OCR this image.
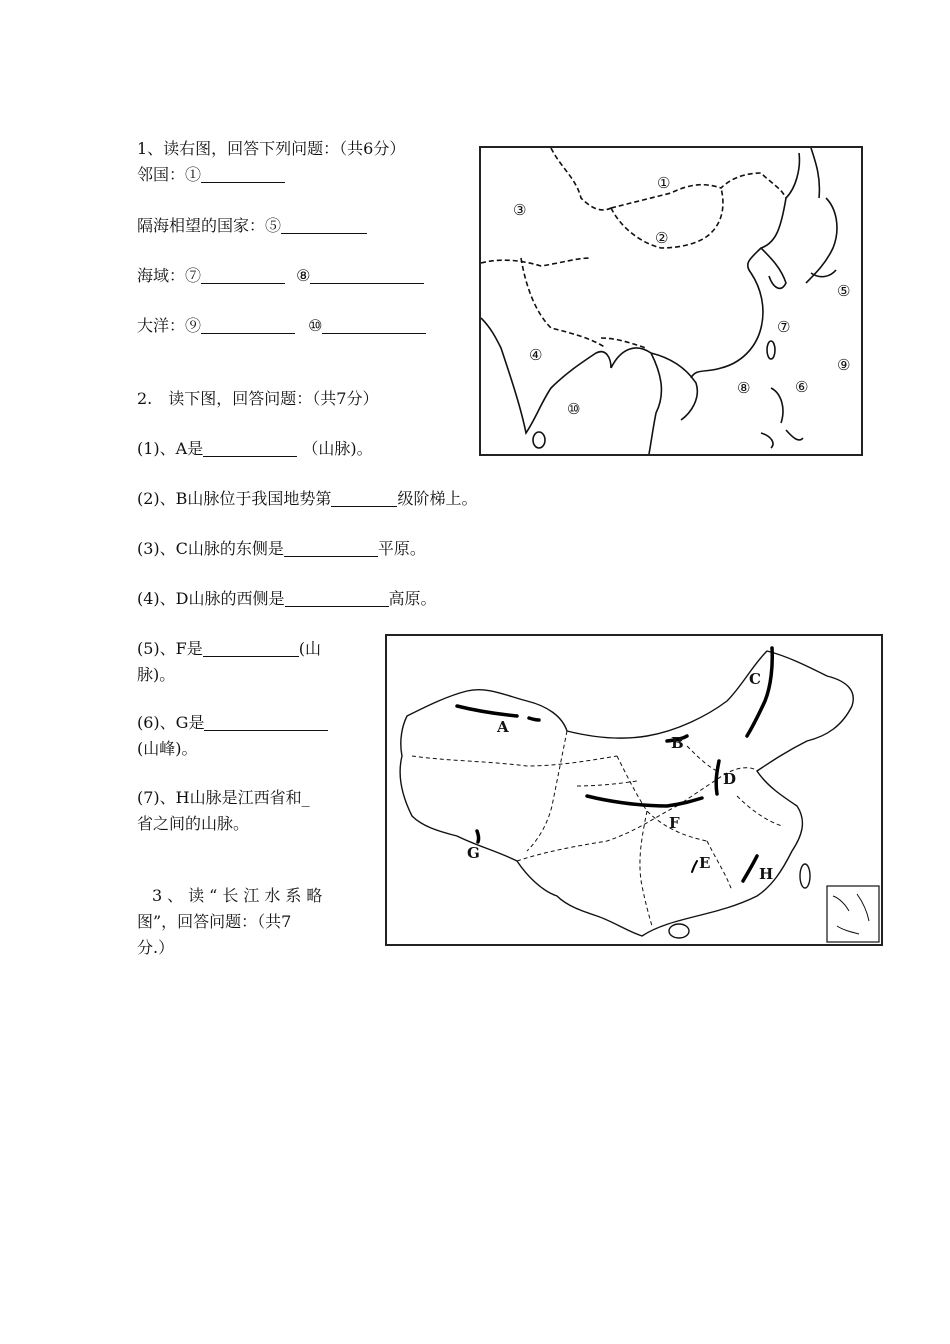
1、读右图，回答下列问题：（共6分）
邻国：①
隔海相望的国家：⑤
海域：⑦	⑧
大洋：⑨	⑩
2.　读下图，回答问题：（共7分）
(1)、A是	（山脉)。
(2)、B山脉位于我国地势第	级阶梯上。
(3)、C山脉的东侧是	平原。
(4)、D山脉的西侧是	高原。
(5)、F是	(山
脉)。
(6)、G是
(山峰)。
(7)、H山脉是江西省和_
省之间的山脉。
3、读“长江水系略
图”，回答问题：（共7
分.）
①
②
③
④
⑤
⑥
⑦
⑧
⑨
⑩
A
B
C
D
E
F
G
H
